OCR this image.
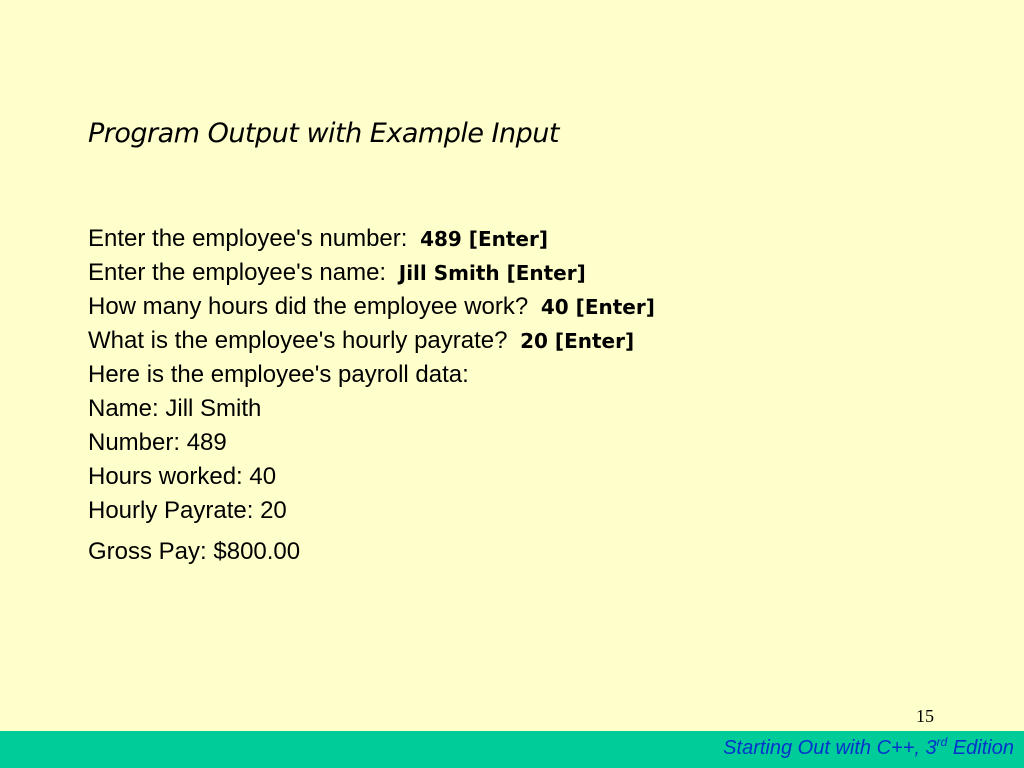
Program Output with Example Input
Enter the employee's number: 489 [Enter]
Enter the employee's name: Jill Smith [Enter]
How many hours did the employee work? 40 [Enter]
What is the employee's hourly payrate? 20 [Enter]
Here is the employee's payroll data:
Name: Jill Smith
Number: 489
Hours worked: 40
Hourly Payrate: 20
Gross Pay: $800.00
15
Starting Out with C++, 3rd Edition
